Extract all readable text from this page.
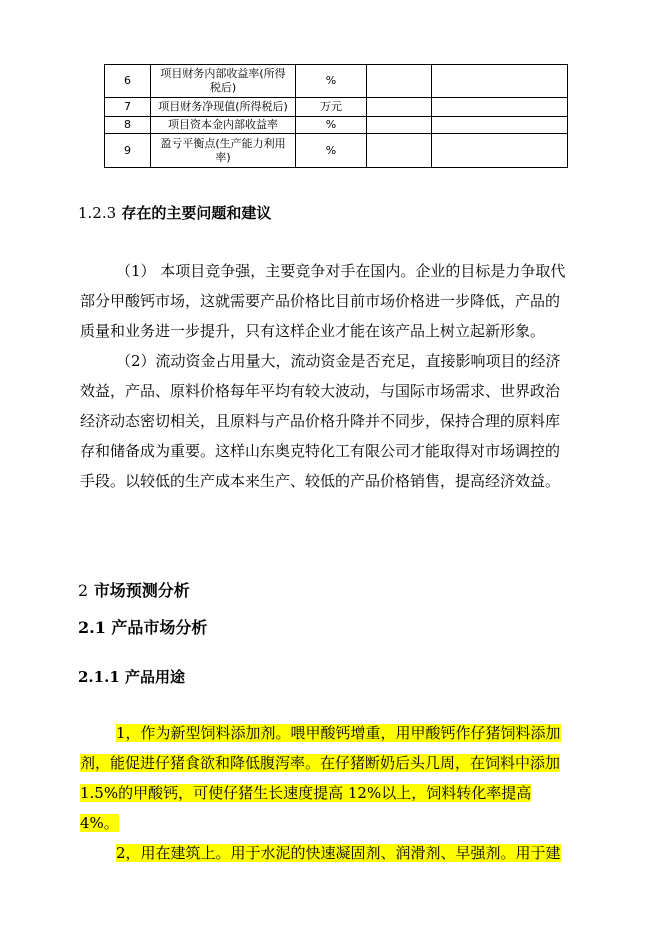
6	项目财务内部收益率(所得税后)	%		
7	项目财务净现值(所得税后)	万元		
8	项目资本金内部收益率	%		
9	盈亏平衡点(生产能力利用率)	%		
1.2.3 存在的主要问题和建议

（1） 本项目竞争强，主要竞争对手在国内。企业的目标是力争取代
部分甲酸钙市场，这就需要产品价格比目前市场价格进一步降低，产品的
质量和业务进一步提升，只有这样企业才能在该产品上树立起新形象。

（2）流动资金占用量大，流动资金是否充足，直接影响项目的经济
效益，产品、原料价格每年平均有较大波动，与国际市场需求、世界政治
经济动态密切相关，且原料与产品价格升降并不同步，保持合理的原料库
存和储备成为重要。这样山东奥克特化工有限公司才能取得对市场调控的
手段。以较低的生产成本来生产、较低的产品价格销售，提高经济效益。

2 市场预测分析
2.1 产品市场分析
2.1.1 产品用途

1，作为新型饲料添加剂。喂甲酸钙增重，用甲酸钙作仔猪饲料添加
剂，能促进仔猪食欲和降低腹泻率。在仔猪断奶后头几周，在饲料中添加
1.5%的甲酸钙，可使仔猪生长速度提高 12%以上，饲料转化率提高
4%。

2，用在建筑上。用于水泥的快速凝固剂、润滑剂、早强剂。用于建
